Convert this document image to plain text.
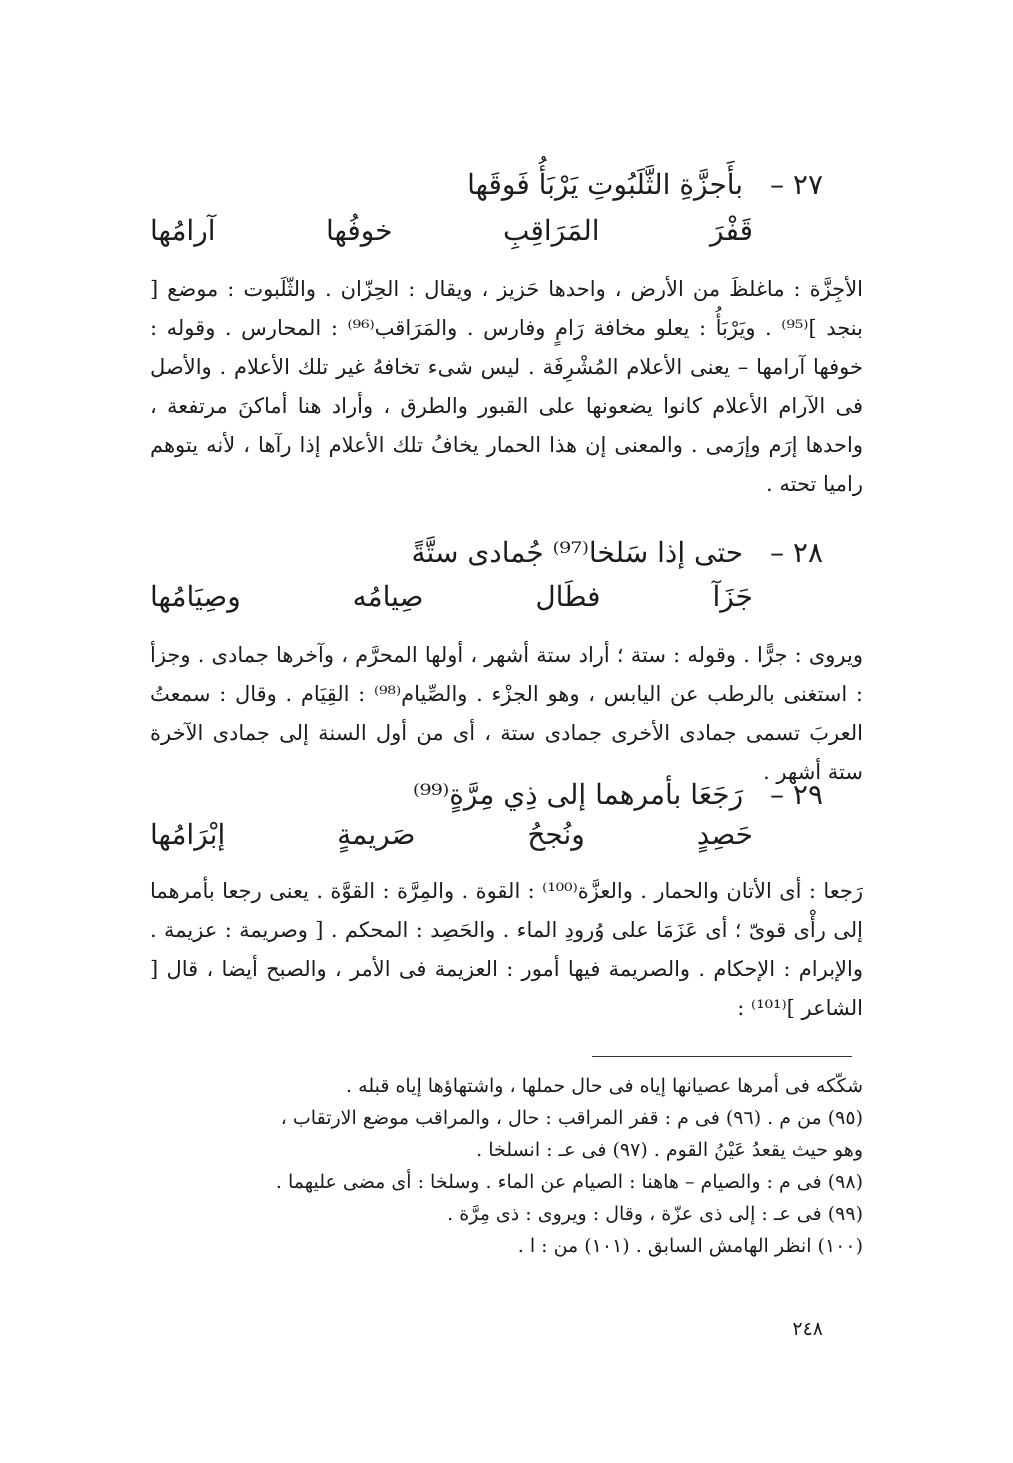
٢٧ – بأَجزَّةِ الثَّلَبُوتِ يَرْبَأُ فَوقَها
قَفْرَ
المَرَاقِبِ
خوفُها
آرامُها
الأجِزَّة : ماغلظَ من الأرض ، واحدها حَزيز ، ويقال : الحِزّان . والثّلَبوت : موضع [ بنجد ]⁽⁹⁵⁾ . ويَرْبَأُ : يعلو مخافة رَامٍ وفارس . والمَرَاقب⁽⁹⁶⁾ : المحارس . وقوله : خوفها آرامها – يعنى الأعلام المُشْرِفَة . ليس شىء تخافهُ غير تلك الأعلام . والأصل فى الآرام الأعلام كانوا يضعونها على القبور والطرق ، وأراد هنا أماكنَ مرتفعة ، واحدها إرَم وإرَمى . والمعنى إن هذا الحمار يخافُ تلك الأعلام إذا رآها ، لأنه يتوهم راميا تحته .
٢٨ – حتى إذا سَلخا⁽⁹⁷⁾ جُمادى ستَّةً
جَزَآ
فطَال
صِيامُه
وصِيَامُها
ويروى : جرًّا . وقوله : ستة ؛ أراد ستة أشهر ، أولها المحرَّم ، وآخرها جمادى . وجزأ : استغنى بالرطب عن اليابس ، وهو الجزْء . والصِّيام⁽⁹⁸⁾ : القِيَام . وقال : سمعتُ العربَ تسمى جمادى الأخرى جمادى ستة ، أى من أول السنة إلى جمادى الآخرة ستة أشهر .
٢٩ – رَجَعَا بأمرهما إلى ذِي مِرَّةٍ⁽⁹⁹⁾
حَصِدٍ
ونُجحُ
صَريمةٍ
إبْرَامُها
رَجعا : أى الأتان والحمار . والعزَّة⁽¹⁰⁰⁾ : القوة . والمِرَّة : القوَّة . يعنى رجعا بأمرهما إلى رأْى قوىّ ؛ أى عَزَمَا على وُرودِ الماء . والحَصِد : المحكم . [ وصريمة : عزيمة . والإبرام : الإحكام . والصريمة فيها أمور : العزيمة فى الأمر ، والصبح أيضا ، قال [ الشاعر ]⁽¹⁰¹⁾ :
شكّكه فى أمرها عصيانها إياه فى حال حملها ، واشتهاؤها إياه قبله .
(٩٥) من م . (٩٦) فى م : قفر المراقب : حال ، والمراقب موضع الارتقاب ،
وهو حيث يقعدُ عَيْنُ القوم . (٩٧) فى عـ : انسلخا .
(٩٨) فى م : والصيام – هاهنا : الصيام عن الماء . وسلخا : أى مضى عليهما .
(٩٩) فى عـ : إلى ذى عزّة ، وقال : ويروى : ذى مِرَّة .
(١٠٠) انظر الهامش السابق . (١٠١) من : ا .
٢٤٨
